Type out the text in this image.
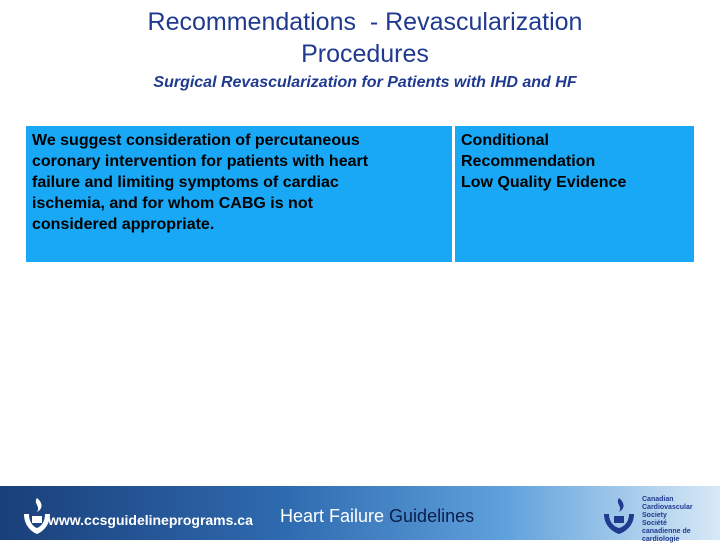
Recommendations  - Revascularization
Procedures

Surgical Revascularization for Patients with IHD and HF

We suggest consideration of percutaneous
coronary intervention for patients with heart
failure and limiting symptoms of cardiac
ischemia, and for whom CABG is not
considered appropriate.
Conditional
Recommendation
Low Quality Evidence
www.ccsguidelineprograms.ca Heart Failure Guidelines
Canadian
Cardiovascular
Society
Société
canadienne de
cardiologie
